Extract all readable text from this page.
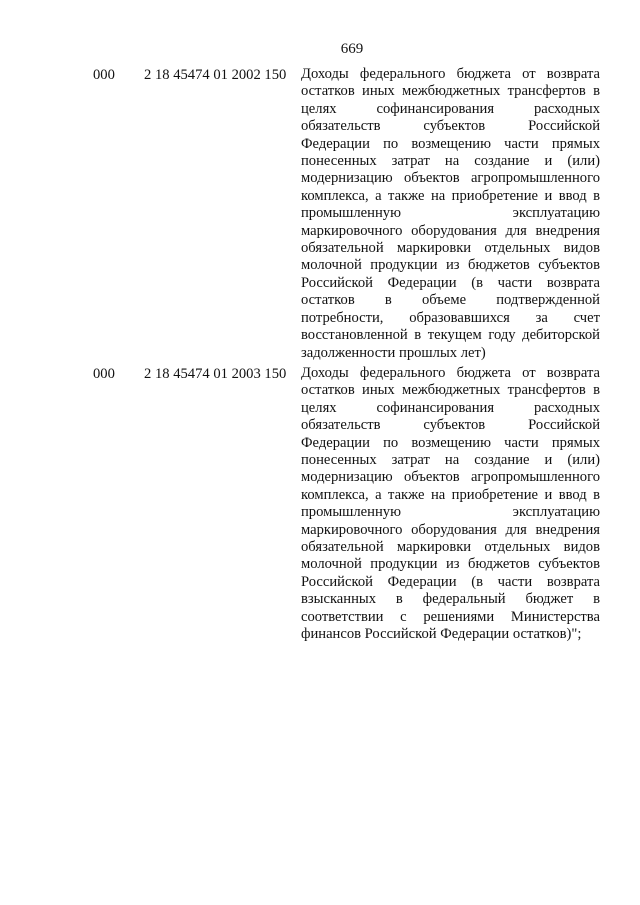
669
000 2 18 45474 01 2002 150 Доходы федерального бюджета от возврата
остатков иных межбюджетных трансфертов в
целях софинансирования расходных
обязательств субъектов Российской
Федерации по возмещению части прямых
понесенных затрат на создание и (или)
модернизацию объектов агропромышленного
комплекса, а также на приобретение и ввод в
промышленную эксплуатацию
маркировочного оборудования для внедрения
обязательной маркировки отдельных видов
молочной продукции из бюджетов субъектов
Российской Федерации (в части возврата
остатков в объеме подтвержденной
потребности, образовавшихся за счет
восстановленной в текущем году дебиторской
задолженности прошлых лет)
000 2 18 45474 01 2003 150 Доходы федерального бюджета от возврата
остатков иных межбюджетных трансфертов в
целях софинансирования расходных
обязательств субъектов Российской
Федерации по возмещению части прямых
понесенных затрат на создание и (или)
модернизацию объектов агропромышленного
комплекса, а также на приобретение и ввод в
промышленную эксплуатацию
маркировочного оборудования для внедрения
обязательной маркировки отдельных видов
молочной продукции из бюджетов субъектов
Российской Федерации (в части возврата
взысканных в федеральный бюджет в
соответствии с решениями Министерства
финансов Российской Федерации остатков)";
